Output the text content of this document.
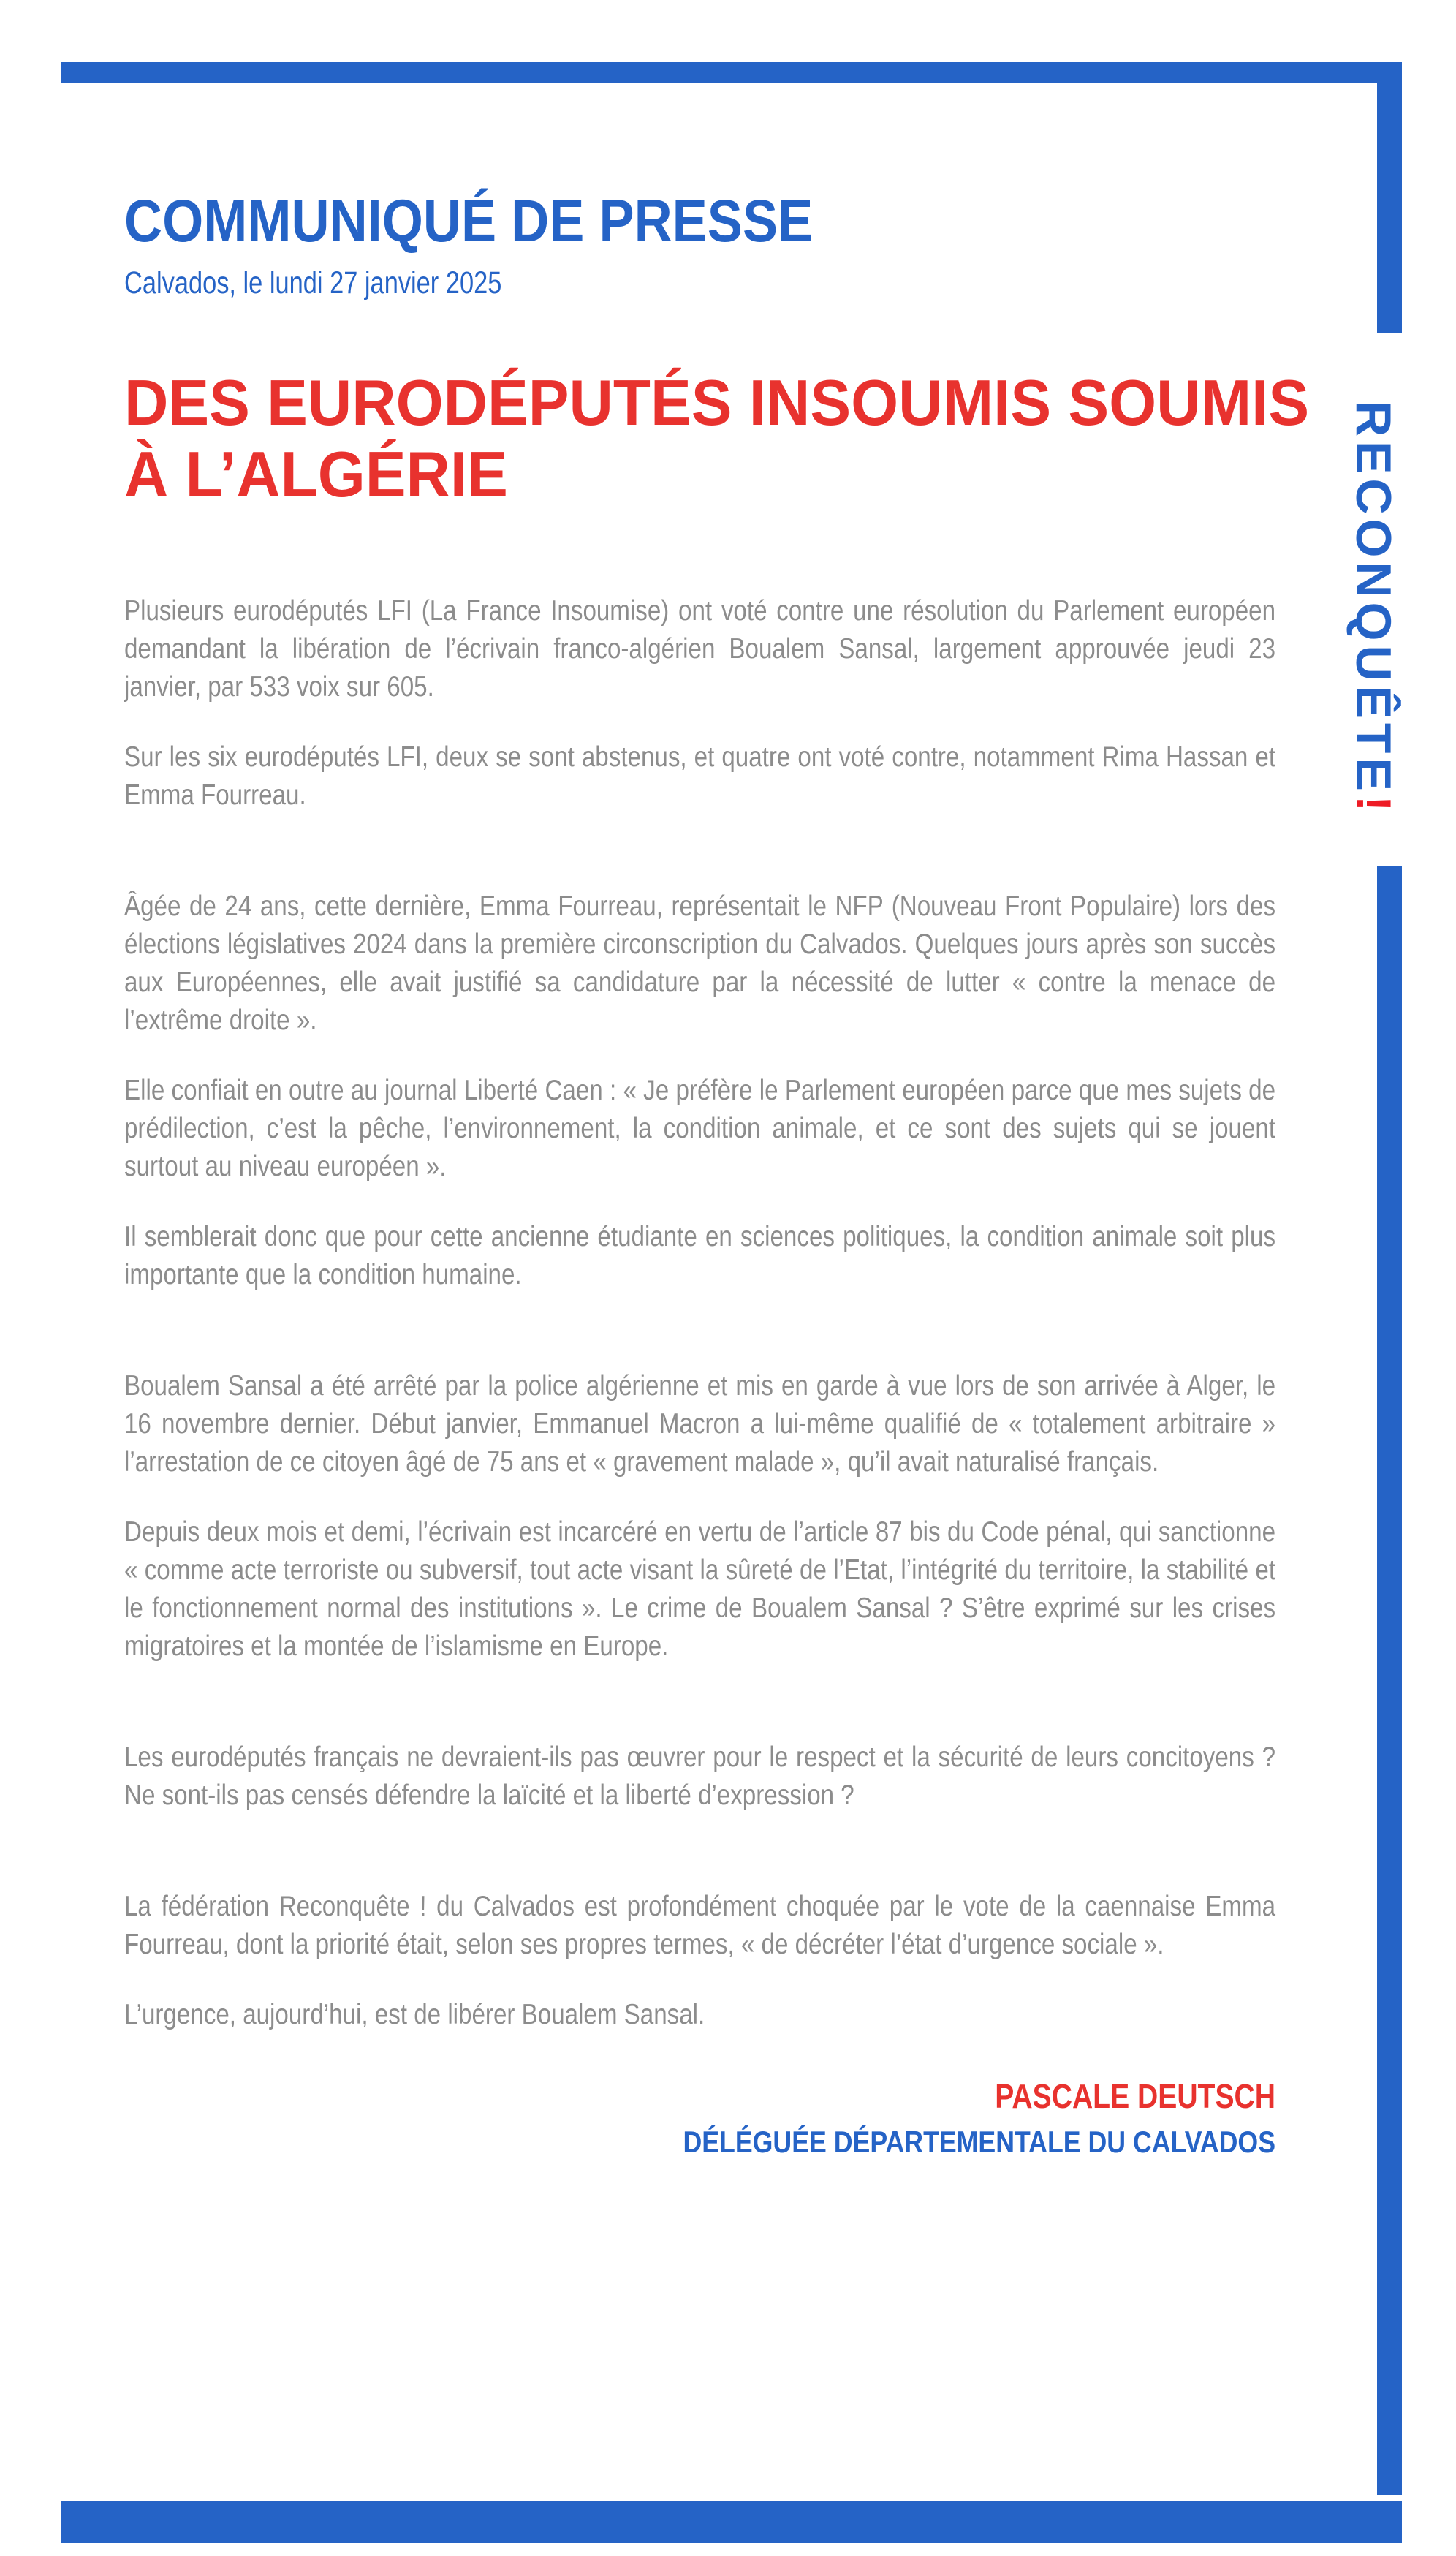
RECONQUÊTE!
COMMUNIQUÉ DE PRESSE
Calvados, le lundi 27 janvier 2025
DES EURODÉPUTÉS INSOUMIS SOUMIS
À L’ALGÉRIE

Plusieurs eurodéputés LFI (La France Insoumise) ont voté contre une résolution du Parlement européen demandant la libération de l’écrivain franco-algérien Boualem Sansal, largement approuvée jeudi 23 janvier, par 533 voix sur 605.

Sur les six eurodéputés LFI, deux se sont abstenus, et quatre ont voté contre, notamment Rima Hassan et Emma Fourreau.

Âgée de 24 ans, cette dernière, Emma Fourreau, représentait le NFP (Nouveau Front Populaire) lors des élections législatives 2024 dans la première circonscription du Calvados. Quelques jours après son succès aux Européennes, elle avait justifié sa candidature par la nécessité de lutter « contre la menace de l’extrême droite ».

Elle confiait en outre au journal Liberté Caen : « Je préfère le Parlement européen parce que mes sujets de prédilection, c’est la pêche, l’environnement, la condition animale, et ce sont des sujets qui se jouent surtout au niveau européen ».

Il semblerait donc que pour cette ancienne étudiante en sciences politiques, la condition animale soit plus importante que la condition humaine.

Boualem Sansal a été arrêté par la police algérienne et mis en garde à vue lors de son arrivée à Alger, le 16 novembre dernier. Début janvier, Emmanuel Macron a lui-même qualifié de « totalement arbitraire » l’arrestation de ce citoyen âgé de 75 ans et « gravement malade », qu’il avait naturalisé français.

Depuis deux mois et demi, l’écrivain est incarcéré en vertu de l’article 87 bis du Code pénal, qui sanctionne « comme acte terroriste ou subversif, tout acte visant la sûreté de l’Etat, l’intégrité du territoire, la stabilité et le fonctionnement normal des institutions ». Le crime de Boualem Sansal ? S’être exprimé sur les crises migratoires et la montée de l’islamisme en Europe.

Les eurodéputés français ne devraient-ils pas œuvrer pour le respect et la sécurité de leurs concitoyens ? Ne sont-ils pas censés défendre la laïcité et la liberté d’expression ?

La fédération Reconquête ! du Calvados est profondément choquée par le vote de la caennaise Emma Fourreau, dont la priorité était, selon ses propres termes, « de décréter l’état d’urgence sociale ».

L’urgence, aujourd’hui, est de libérer Boualem Sansal.

PASCALE DEUTSCH
DÉLÉGUÉE DÉPARTEMENTALE DU CALVADOS
